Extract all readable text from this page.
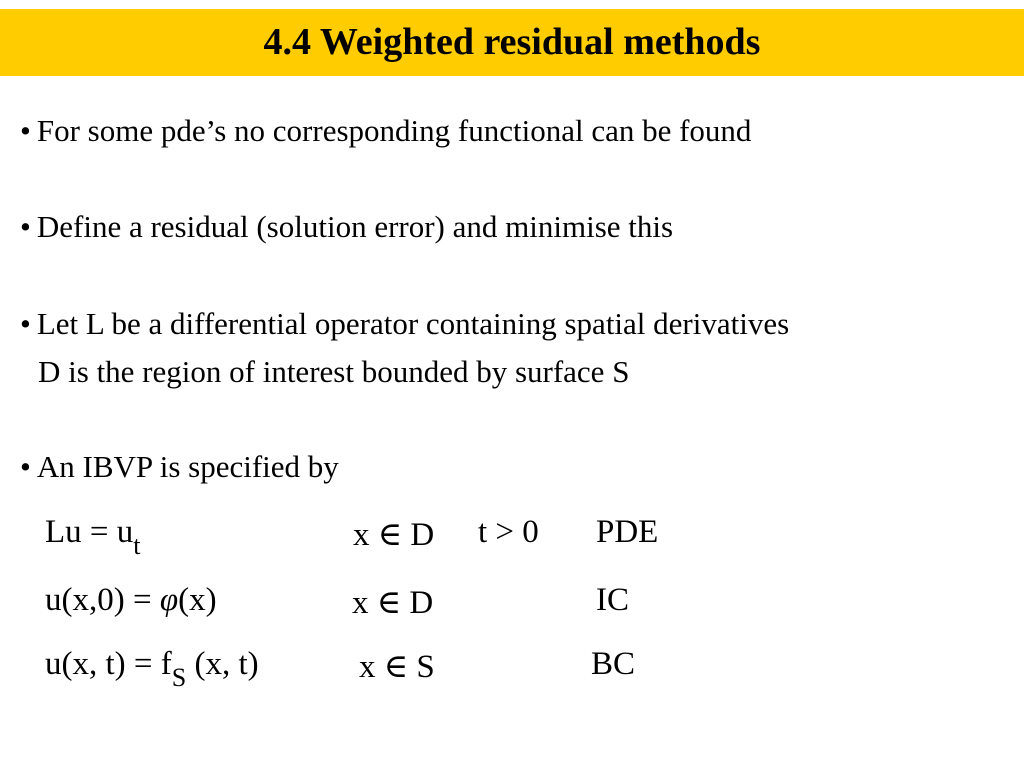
4.4 Weighted residual methods
• For some pde’s no corresponding functional can be found
• Define a residual (solution error) and minimise this
• Let L be a differential operator containing spatial derivatives
D is the region of interest bounded by surface S
• An IBVP is specified by
$Lu = u_t$	x ∈ D t > 0 PDE
u(x,0) = φ(x)	x ∈ D	IC
u(x, $t) = f_S$ (x, t)	x ∈ S	BC
